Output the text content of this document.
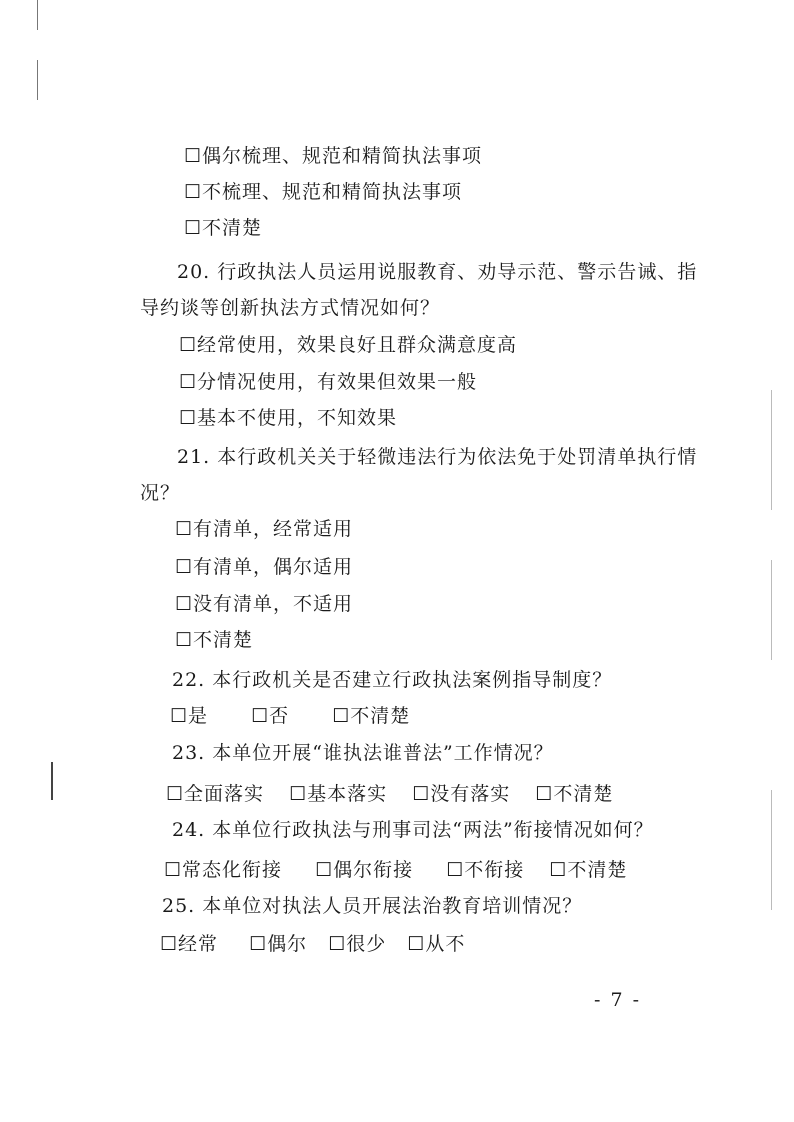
☐偶尔梳理、规范和精简执法事项
☐不梳理、规范和精简执法事项
☐不清楚
20. 行政执法人员运用说服教育、劝导示范、警示告诫、指
导约谈等创新执法方式情况如何？
☐经常使用，效果良好且群众满意度高
☐分情况使用，有效果但效果一般
☐基本不使用，不知效果
21. 本行政机关关于轻微违法行为依法免于处罚清单执行情
况？
☐有清单，经常适用
☐有清单，偶尔适用
☐没有清单，不适用
☐不清楚
22. 本行政机关是否建立行政执法案例指导制度？
☐是 ☐否 ☐不清楚
23. 本单位开展“谁执法谁普法”工作情况？
☐全面落实 ☐基本落实 ☐没有落实 ☐不清楚
24. 本单位行政执法与刑事司法“两法”衔接情况如何？
☐常态化衔接 ☐偶尔衔接 ☐不衔接 ☐不清楚
25. 本单位对执法人员开展法治教育培训情况？
☐经常 ☐偶尔 ☐很少 ☐从不
- 7 -
